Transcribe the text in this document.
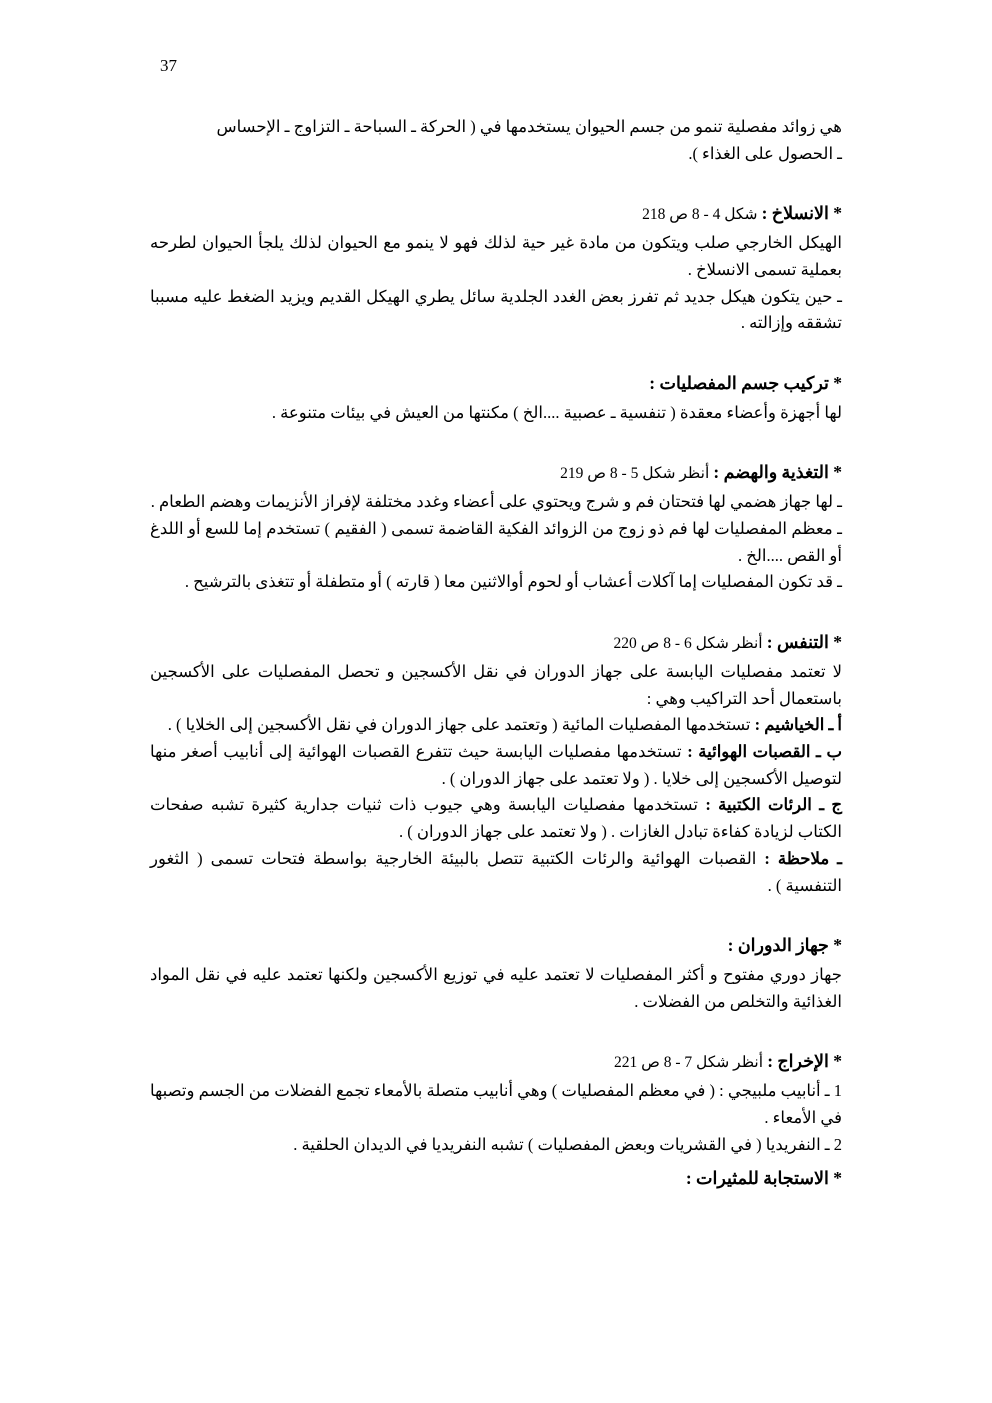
37

هي زوائد مفصلية تنمو من جسم الحيوان يستخدمها في ( الحركة ـ السباحة ـ التزاوج ـ الإحساس

ـ الحصول على الغذاء ).

* الانسلاخ : شكل 4 - 8 ص 218

الهيكل الخارجي صلب ويتكون من مادة غير حية لذلك فهو لا ينمو مع الحيوان لذلك يلجأ الحيوان لطرحه بعملية تسمى الانسلاخ .

ـ حين يتكون هيكل جديد ثم تفرز بعض الغدد الجلدية سائل يطري الهيكل القديم ويزيد الضغط عليه مسببا تشققه وإزالته .

* تركيب جسم المفصليات :

لها أجهزة وأعضاء معقدة ( تنفسية ـ عصبية ....الخ ) مكنتها من العيش في بيئات متنوعة .

* التغذية والهضم : أنظر شكل 5 - 8 ص 219

ـ لها جهاز هضمي لها فتحتان فم و شرج ويحتوي على أعضاء وغدد مختلفة لإفراز الأنزيمات وهضم الطعام .

ـ معظم المفصليات لها فم ذو زوج من الزوائد الفكية القاضمة تسمى ( الفقيم ) تستخدم إما للسع أو اللدغ أو القص ....الخ .

ـ قد تكون المفصليات إما آكلات أعشاب أو لحوم أوالاثنين معا ( قارته ) أو متطفلة أو تتغذى بالترشيح .

* التنفس : أنظر شكل 6 - 8 ص 220

لا تعتمد مفصليات اليابسة على جهاز الدوران في نقل الأكسجين و تحصل المفصليات على الأكسجين باستعمال أحد التراكيب وهي :

أ ـ الخياشيم : تستخدمها المفصليات المائية ( وتعتمد على جهاز الدوران في نقل الأكسجين إلى الخلايا ) .

ب ـ القصبات الهوائية : تستخدمها مفصليات اليابسة حيث تتفرع القصبات الهوائية إلى أنابيب أصغر منها لتوصيل الأكسجين إلى خلايا . ( ولا تعتمد على جهاز الدوران ) .

ج ـ الرئات الكتبية : تستخدمها مفصليات اليابسة وهي جيوب ذات ثنيات جدارية كثيرة تشبه صفحات الكتاب لزيادة كفاءة تبادل الغازات . ( ولا تعتمد على جهاز الدوران ) .

ـ ملاحظة : القصبات الهوائية والرئات الكتبية تتصل بالبيئة الخارجية بواسطة فتحات تسمى ( الثغور التنفسية ) .

* جهاز الدوران :

جهاز دوري مفتوح و أكثر المفصليات لا تعتمد عليه في توزيع الأكسجين ولكنها تعتمد عليه في نقل المواد الغذائية والتخلص من الفضلات .

* الإخراج : أنظر شكل 7 - 8 ص 221

1 ـ أنابيب ملبيجي : ( في معظم المفصليات ) وهي أنابيب متصلة بالأمعاء تجمع الفضلات من الجسم وتصبها في الأمعاء .

2 ـ النفريديا ( في القشريات وبعض المفصليات ) تشبه النفريديا في الديدان الحلقية .

* الاستجابة للمثيرات :
